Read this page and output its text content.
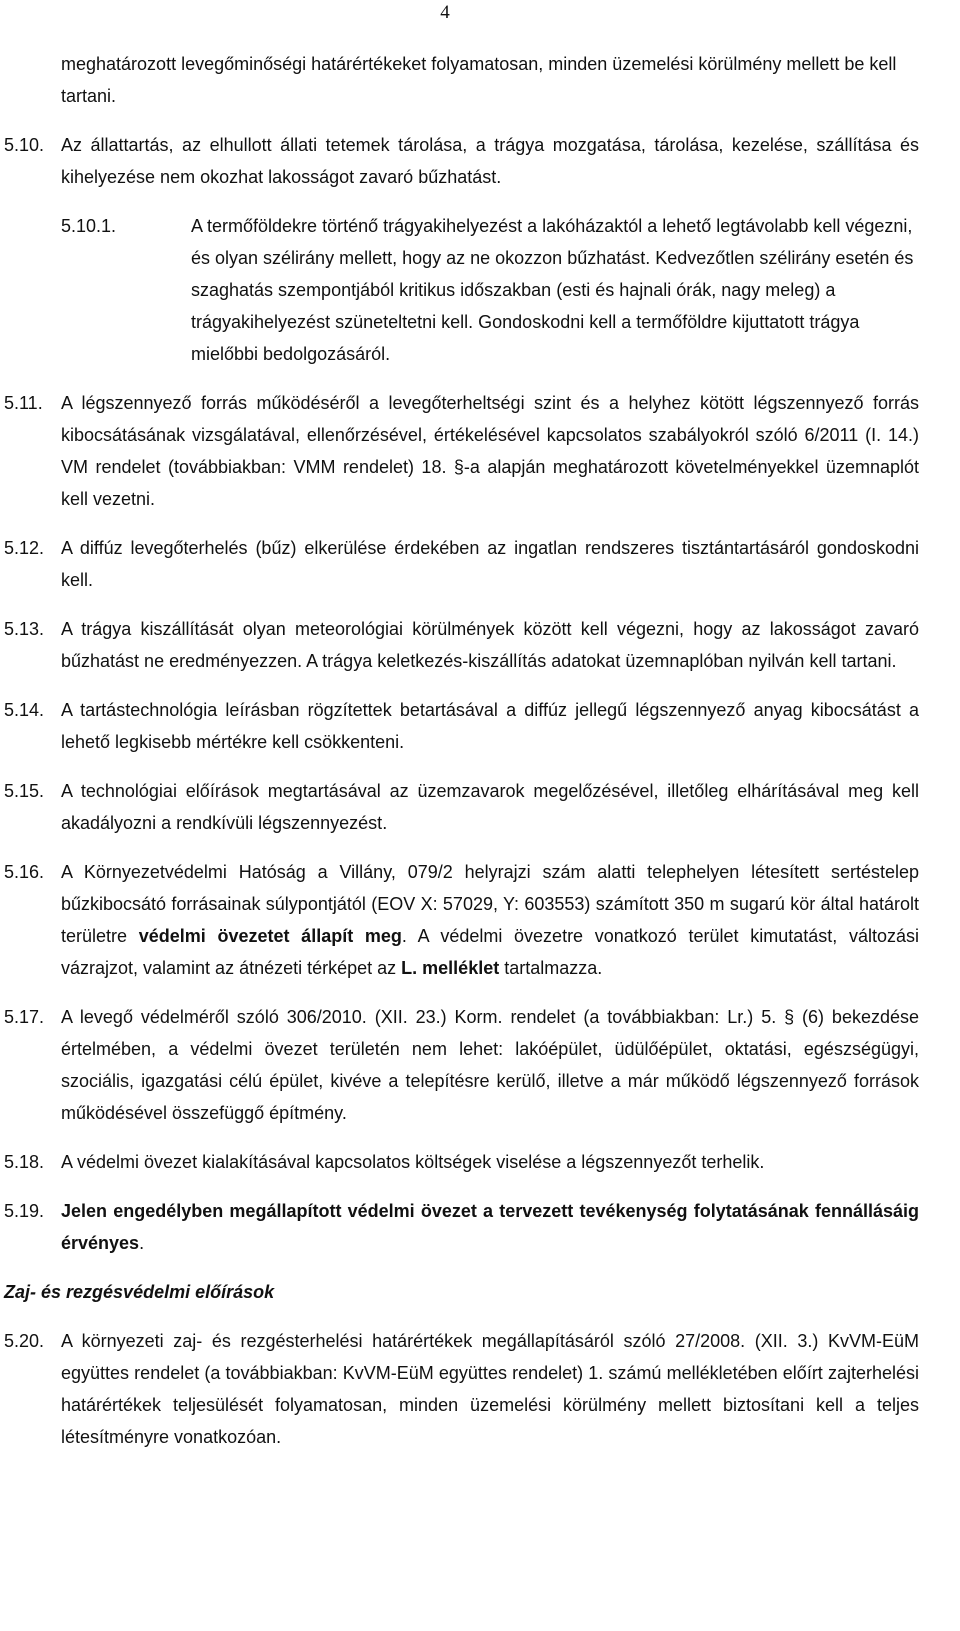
4

meghatározott levegőminőségi határértékeket folyamatosan, minden üzemelési körülmény mellett be kell tartani.

5.10. Az állattartás, az elhullott állati tetemek tárolása, a trágya mozgatása, tárolása, kezelése, szállítása és kihelyezése nem okozhat lakosságot zavaró bűzhatást.

5.10.1.	A termőföldekre történő trágyakihelyezést a lakóházaktól a lehető legtávolabb kell végezni, és olyan szélirány mellett, hogy az ne okozzon bűzhatást. Kedvezőtlen szélirány esetén és szaghatás szempontjából kritikus időszakban (esti és hajnali órák, nagy meleg) a trágyakihelyezést szüneteltetni kell. Gondoskodni kell a termőföldre kijuttatott trágya mielőbbi bedolgozásáról.

5.11. A légszennyező forrás működéséről a levegőterheltségi szint és a helyhez kötött légszennyező forrás kibocsátásának vizsgálatával, ellenőrzésével, értékelésével kapcsolatos szabályokról szóló 6/2011 (I. 14.) VM rendelet (továbbiakban: VMM rendelet) 18. §-a alapján meghatározott követelményekkel üzemnaplót kell vezetni.

5.12. A diffúz levegőterhelés (bűz) elkerülése érdekében az ingatlan rendszeres tisztántartásáról gondoskodni kell.

5.13. A trágya kiszállítását olyan meteorológiai körülmények között kell végezni, hogy az lakosságot zavaró bűzhatást ne eredményezzen. A trágya keletkezés-kiszállítás adatokat üzemnaplóban nyilván kell tartani.

5.14. A tartástechnológia leírásban rögzítettek betartásával a diffúz jellegű légszennyező anyag kibocsátást a lehető legkisebb mértékre kell csökkenteni.

5.15. A technológiai előírások megtartásával az üzemzavarok megelőzésével, illetőleg elhárításával meg kell akadályozni a rendkívüli légszennyezést.

5.16. A Környezetvédelmi Hatóság a Villány, 079/2 helyrajzi szám alatti telephelyen létesített sertéstelep bűzkibocsátó forrásainak súlypontjától (EOV X: 57029, Y: 603553) számított 350 m sugarú kör által határolt területre védelmi övezetet állapít meg. A védelmi övezetre vonatkozó terület kimutatást, változási vázrajzot, valamint az átnézeti térképet az L. melléklet tartalmazza.

5.17. A levegő védelméről szóló 306/2010. (XII. 23.) Korm. rendelet (a továbbiakban: Lr.) 5. § (6) bekezdése értelmében, a védelmi övezet területén nem lehet: lakóépület, üdülőépület, oktatási, egészségügyi, szociális, igazgatási célú épület, kivéve a telepítésre kerülő, illetve a már működő légszennyező források működésével összefüggő építmény.

5.18. A védelmi övezet kialakításával kapcsolatos költségek viselése a légszennyezőt terhelik.

5.19. Jelen engedélyben megállapított védelmi övezet a tervezett tevékenység folytatásának fennállásáig érvényes.

Zaj- és rezgésvédelmi előírások
5.20. A környezeti zaj- és rezgésterhelési határértékek megállapításáról szóló 27/2008. (XII. 3.) KvVM-EüM együttes rendelet (a továbbiakban: KvVM-EüM együttes rendelet) 1. számú mellékletében előírt zajterhelési határértékek teljesülését folyamatosan, minden üzemelési körülmény mellett biztosítani kell a teljes létesítményre vonatkozóan.
